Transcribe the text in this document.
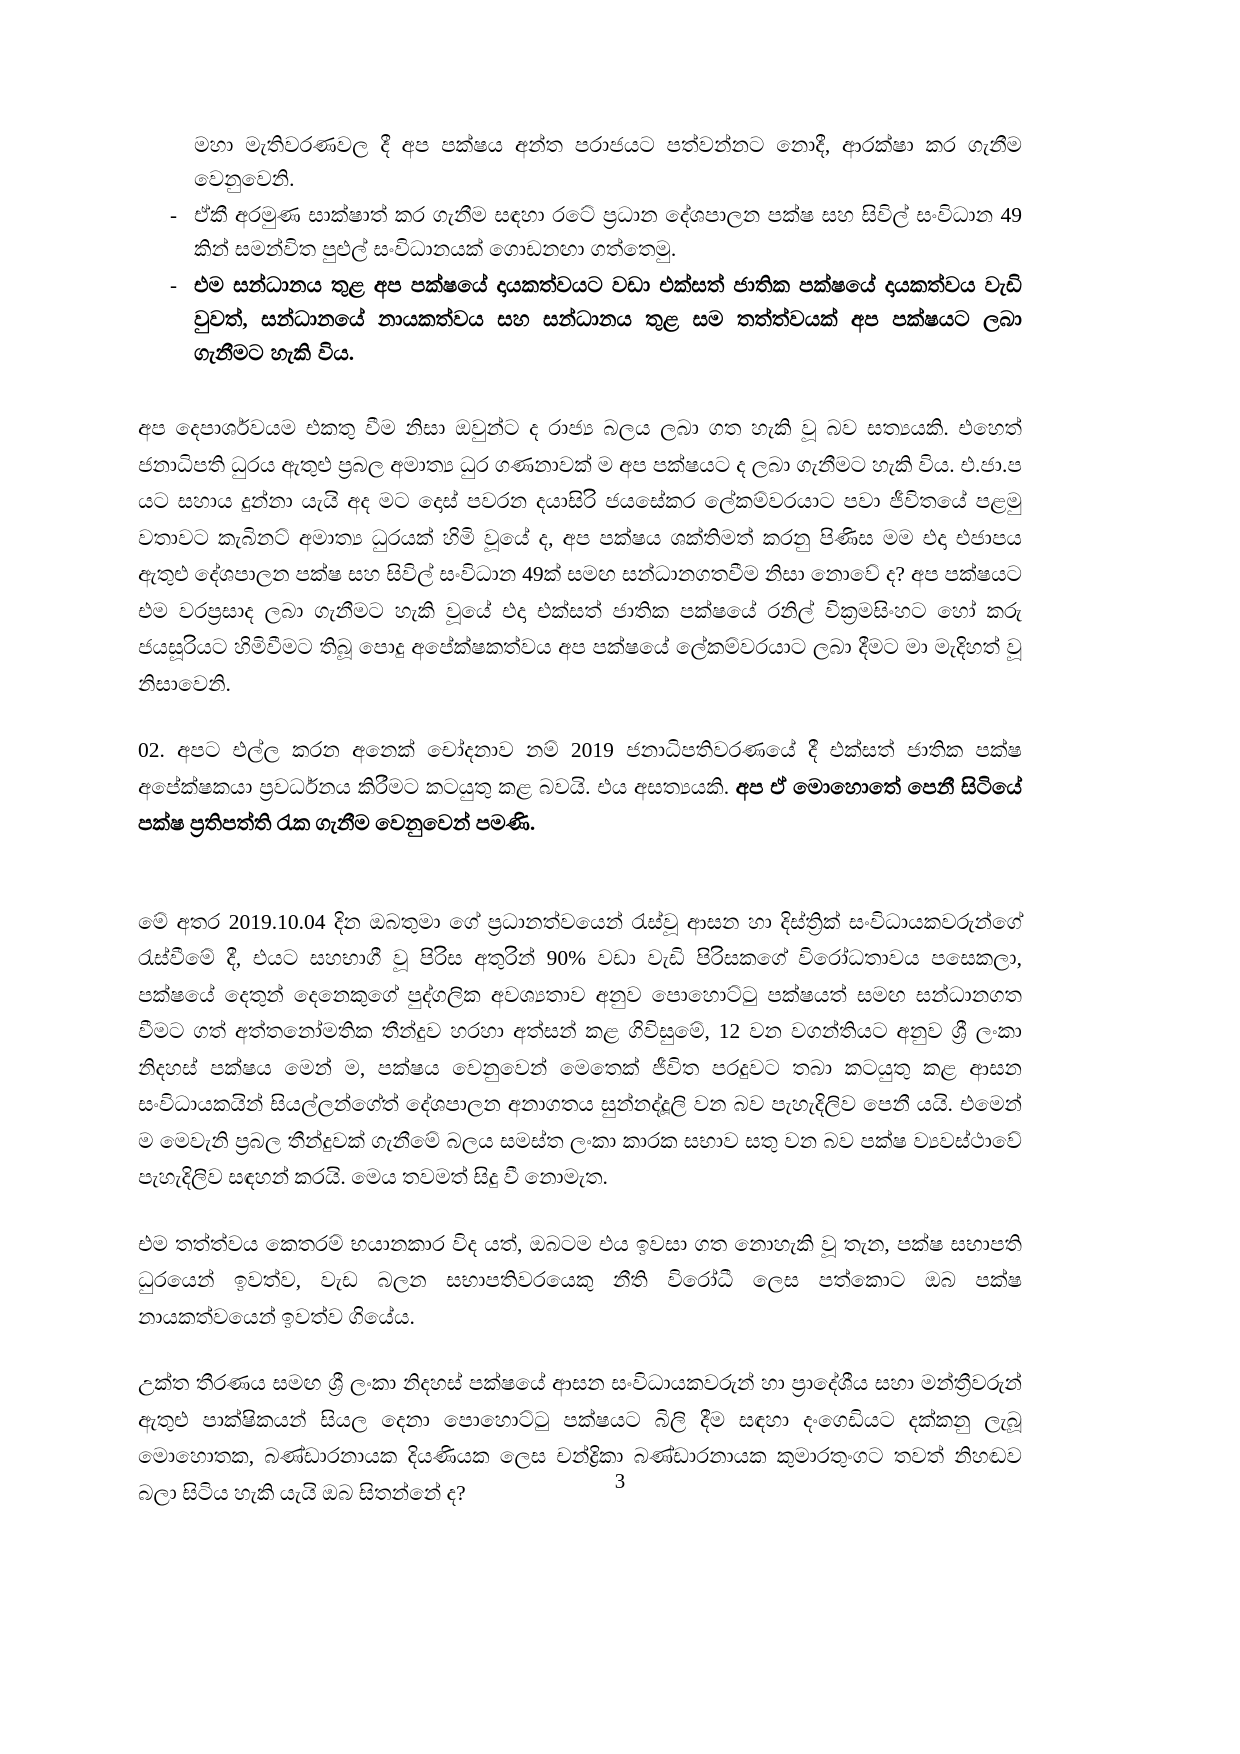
මහා මැතිවරණවල දී අප පක්ෂය අන්ත පරාජයට පත්වන්නට නොදී, ආරක්ෂා කර ගැනීම වෙනුවෙනි.

- ඒකී අරමුණ සාක්ෂාත් කර ගැනීම සඳහා රටේ ප්‍රධාන දේශපාලන පක්ෂ සහ සිවිල් සංවිධාන 49 කින් සමන්විත පුළුල් සංවිධානයක් ගොඩනඟා ගත්තෙමු.

- එම සන්ධානය තුළ අප පක්ෂයේ දායකත්වයට වඩා එක්සත් ජාතික පක්ෂයේ දායකත්වය වැඩි වුවත්, සන්ධානයේ නායකත්වය සහ සන්ධානය තුළ සම තත්ත්වයක් අප පක්ෂයට ලබා ගැනීමට හැකි විය.

අප දෙපාර්ශවයම එකතු වීම නිසා ඔවුන්ට ද රාජ්‍ය බලය ලබා ගත හැකි වූ බව සත්‍යයකි. එහෙත් ජනාධිපති ධුරය ඇතුළු ප්‍රබල අමාත්‍ය ධුර ගණනාවක් ම අප පක්ෂයට ද ලබා ගැනීමට හැකි විය. එ.ජා.ප යට සහාය දුන්නා යැයි අද මට දොස් පවරන දයාසිරි ජයසේකර ලේකම්වරයාට පවා ජීවිතයේ පළමු වතාවට කැබිනට් අමාත්‍ය ධුරයක් හිමි වූයේ ද, අප පක්ෂය ශක්තිමත් කරනු පිණිස මම එදා එජාපය ඇතුළු දේශපාලන පක්ෂ සහ සිවිල් සංවිධාන 49ක් සමඟ සන්ධානගතවීම නිසා නොවේ ද? අප පක්ෂයට එම වරප්‍රසාද ලබා ගැනීමට හැකි වූයේ එදා එක්සත් ජාතික පක්ෂයේ රනිල් වික්‍රමසිංහට හෝ කරු ජයසූරියට හිමිවීමට තිබූ පොදු අපේක්ෂකත්වය අප පක්ෂයේ ලේකම්වරයාට ලබා දීමට මා මැදිහත් වූ නිසාවෙනි.

02. අපට එල්ල කරන අනෙක් චෝදනාව නම් 2019 ජනාධිපතිවරණයේ දී එක්සත් ජාතික පක්ෂ අපේක්ෂකයා ප්‍රවර්ධනය කිරීමට කටයුතු කළ බවයි. එය අසත්‍යයකි. අප ඒ මොහොතේ පෙනී සිටියේ පක්ෂ ප්‍රතිපත්ති රැක ගැනීම වෙනුවෙන් පමණි.

මේ අතර 2019.10.04 දින ඔබතුමා ගේ ප්‍රධානත්වයෙන් රැස්වූ ආසන හා දිස්ත්‍රික් සංවිධායකවරුන්ගේ රැස්වීමේ දී, එයට සහභාගී වූ පිරිස අතුරින් 90% වඩා වැඩි පිරිසකගේ විරෝධතාවය පසෙකලා, පක්ෂයේ දෙතුන් දෙනෙකුගේ පුද්ගලික අවශ්‍යතාව අනුව පොහොට්ටු පක්ෂයත් සමඟ සන්ධානගත වීමට ගත් අත්තනෝමතික තීන්දුව හරහා අත්සන් කළ ගිවිසුමේ, 12 වන වගන්තියට අනුව ශ්‍රී ලංකා නිදහස් පක්ෂය මෙන් ම, පක්ෂය වෙනුවෙන් මෙතෙක් ජීවිත පරදුවට තබා කටයුතු කළ ආසන සංවිධායකයින් සියල්ලන්ගේත් දේශපාලන අනාගතය සුන්නද්දූලි වන බව පැහැදිලිව පෙනී යයි. එමෙන් ම මෙවැනි ප්‍රබල තීන්දුවක් ගැනීමේ බලය සමස්ත ලංකා කාරක සභාව සතු වන බව පක්ෂ ව්‍යවස්ථාවේ පැහැදිලිව සඳහන් කරයි. මෙය තවමත් සිදු වී නොමැත.

එම තත්ත්වය කෙතරම් භයානකාර විද යත්, ඔබටම එය ඉවසා ගත නොහැකි වූ තැන, පක්ෂ සභාපති ධුරයෙන් ඉවත්ව, වැඩ බලන සභාපතිවරයෙකු නීති විරෝධී ලෙස පත්කොට ඔබ පක්ෂ නායකත්වයෙන් ඉවත්ව ගියේය.

උක්ත තීරණය සමඟ ශ්‍රී ලංකා නිදහස් පක්ෂයේ ආසන සංවිධායකවරුන් හා ප්‍රාදේශීය සහා මන්ත්‍රීවරුන් ඇතුළු පාක්ෂිකයන් සියල දෙනා පොහොට්ටු පක්ෂයට බිලි දීම සඳහා දංගෙඩියට දක්කනු ලැබූ මොහොතක, බණ්ඩාරනායක දියණියක ලෙස චන්ද්‍රිකා බණ්ඩාරනායක කුමාරතුංගට තවත් නිහඬව බලා සිටිය හැකි යැයි ඔබ සිතන්නේ ද?	3
